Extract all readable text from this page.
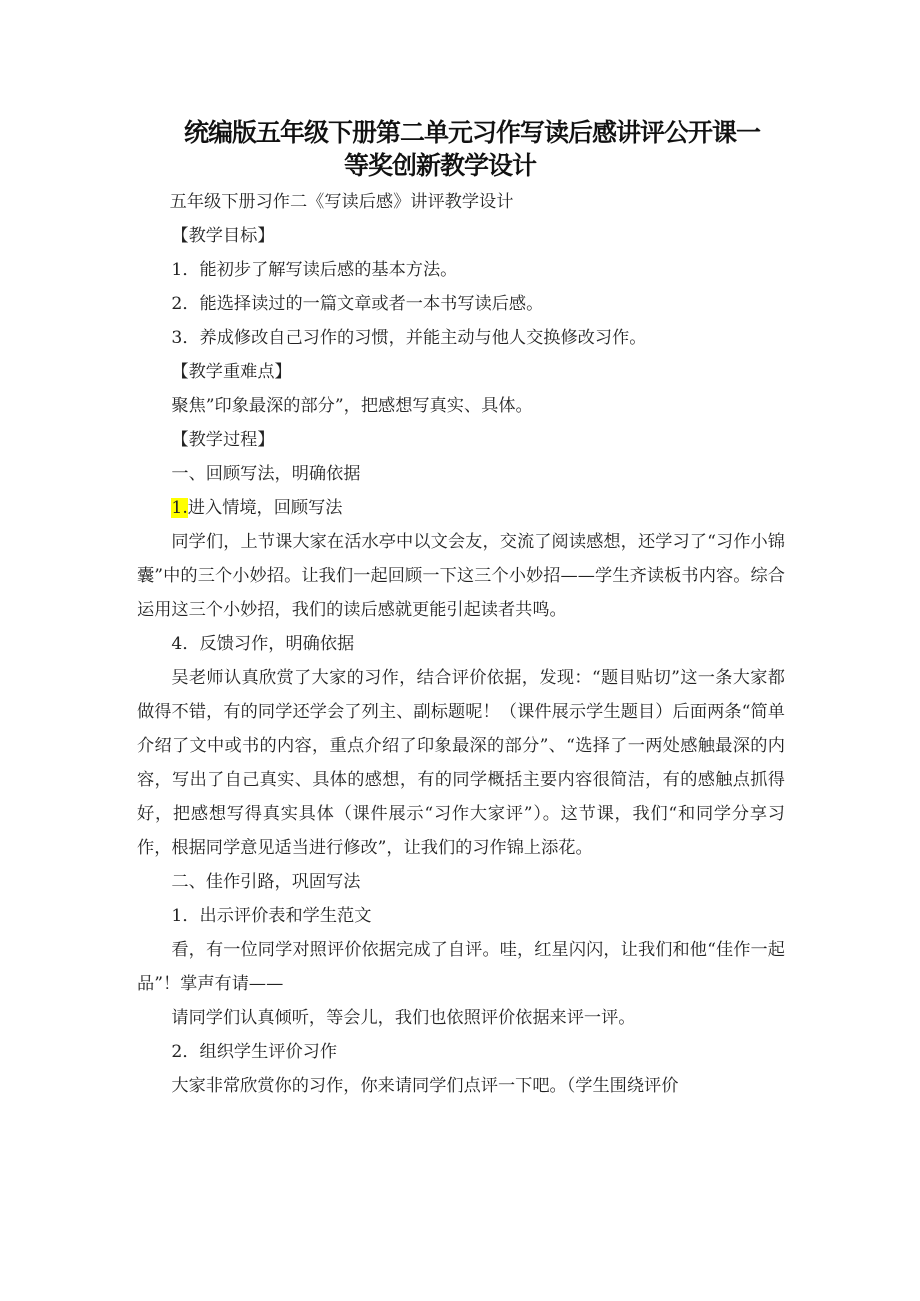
统编版五年级下册第二单元习作写读后感讲评公开课一
等奖创新教学设计

五年级下册习作二《写读后感》讲评教学设计

【教学目标】

1．能初步了解写读后感的基本方法。

2．能选择读过的一篇文章或者一本书写读后感。

3．养成修改自己习作的习惯，并能主动与他人交换修改习作。

【教学重难点】

聚焦”印象最深的部分”，把感想写真实、具体。

【教学过程】

一、回顾写法，明确依据

1.进入情境，回顾写法

同学们，上节课大家在活水亭中以文会友，交流了阅读感想，还学习了“习作小锦囊”中的三个小妙招。让我们一起回顾一下这三个小妙招——学生齐读板书内容。综合运用这三个小妙招，我们的读后感就更能引起读者共鸣。

4．反馈习作，明确依据

吴老师认真欣赏了大家的习作，结合评价依据，发现：“题目贴切”这一条大家都做得不错，有的同学还学会了列主、副标题呢！（课件展示学生题目）后面两条“简单介绍了文中或书的内容，重点介绍了印象最深的部分”、“选择了一两处感触最深的内容，写出了自己真实、具体的感想，有的同学概括主要内容很简洁，有的感触点抓得好，把感想写得真实具体（课件展示“习作大家评”）。这节课，我们“和同学分享习作，根据同学意见适当进行修改”，让我们的习作锦上添花。

二、佳作引路，巩固写法

1．出示评价表和学生范文

看，有一位同学对照评价依据完成了自评。哇，红星闪闪，让我们和他“佳作一起品”！掌声有请——

请同学们认真倾听，等会儿，我们也依照评价依据来评一评。

2．组织学生评价习作

大家非常欣赏你的习作，你来请同学们点评一下吧。（学生围绕评价
